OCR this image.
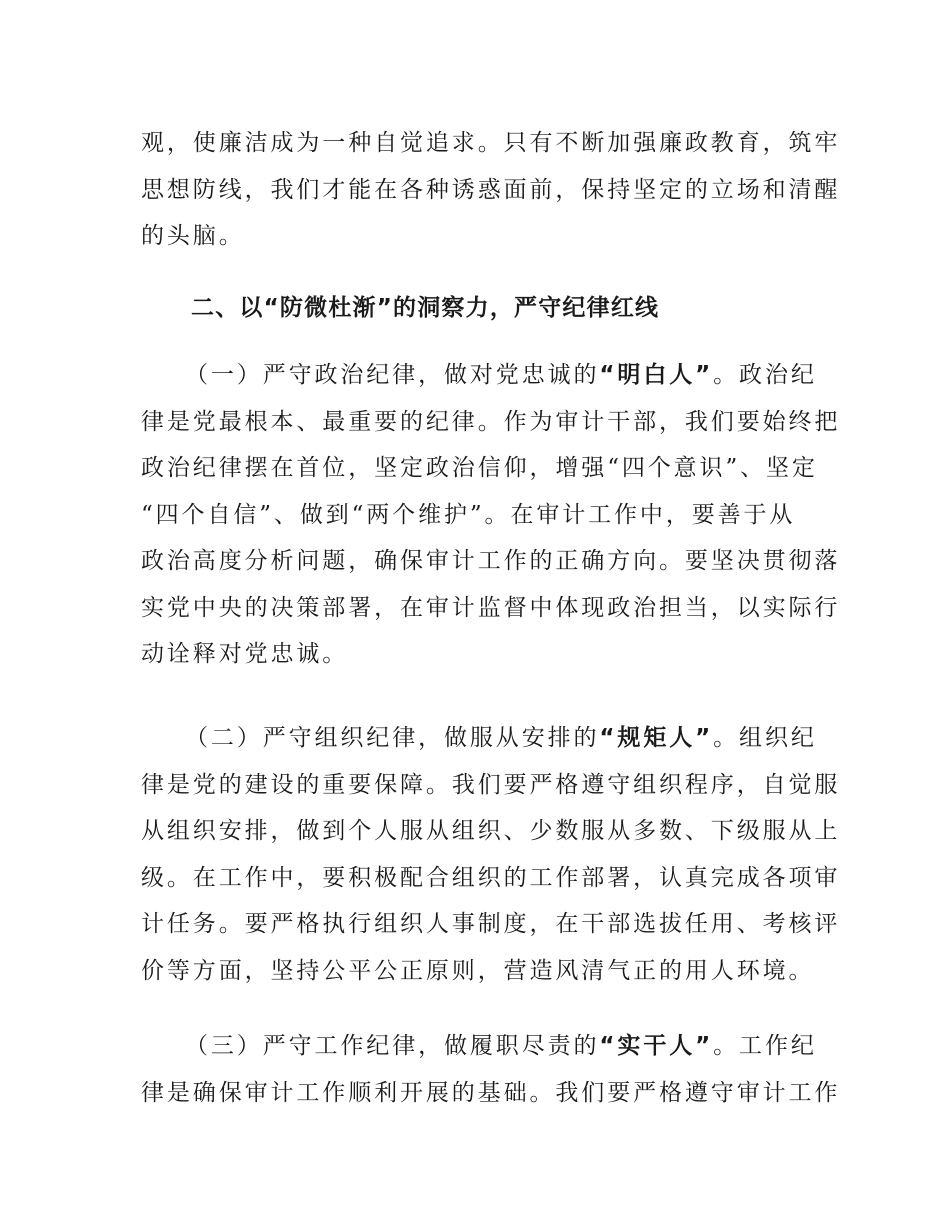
观，使廉洁成为一种自觉追求。只有不断加强廉政教育，筑牢
思想防线，我们才能在各种诱惑面前，保持坚定的立场和清醒
的头脑。
二、以“防微杜渐”的洞察力，严守纪律红线
（一）严守政治纪律，做对党忠诚的“明白人”。政治纪
律是党最根本、最重要的纪律。作为审计干部，我们要始终把
政治纪律摆在首位，坚定政治信仰，增强“四个意识”、坚定
“四个自信”、做到“两个维护”。在审计工作中，要善于从
政治高度分析问题，确保审计工作的正确方向。要坚决贯彻落
实党中央的决策部署，在审计监督中体现政治担当，以实际行
动诠释对党忠诚。
（二）严守组织纪律，做服从安排的“规矩人”。组织纪
律是党的建设的重要保障。我们要严格遵守组织程序，自觉服
从组织安排，做到个人服从组织、少数服从多数、下级服从上
级。在工作中，要积极配合组织的工作部署，认真完成各项审
计任务。要严格执行组织人事制度，在干部选拔任用、考核评
价等方面，坚持公平公正原则，营造风清气正的用人环境。
（三）严守工作纪律，做履职尽责的“实干人”。工作纪
律是确保审计工作顺利开展的基础。我们要严格遵守审计工作
